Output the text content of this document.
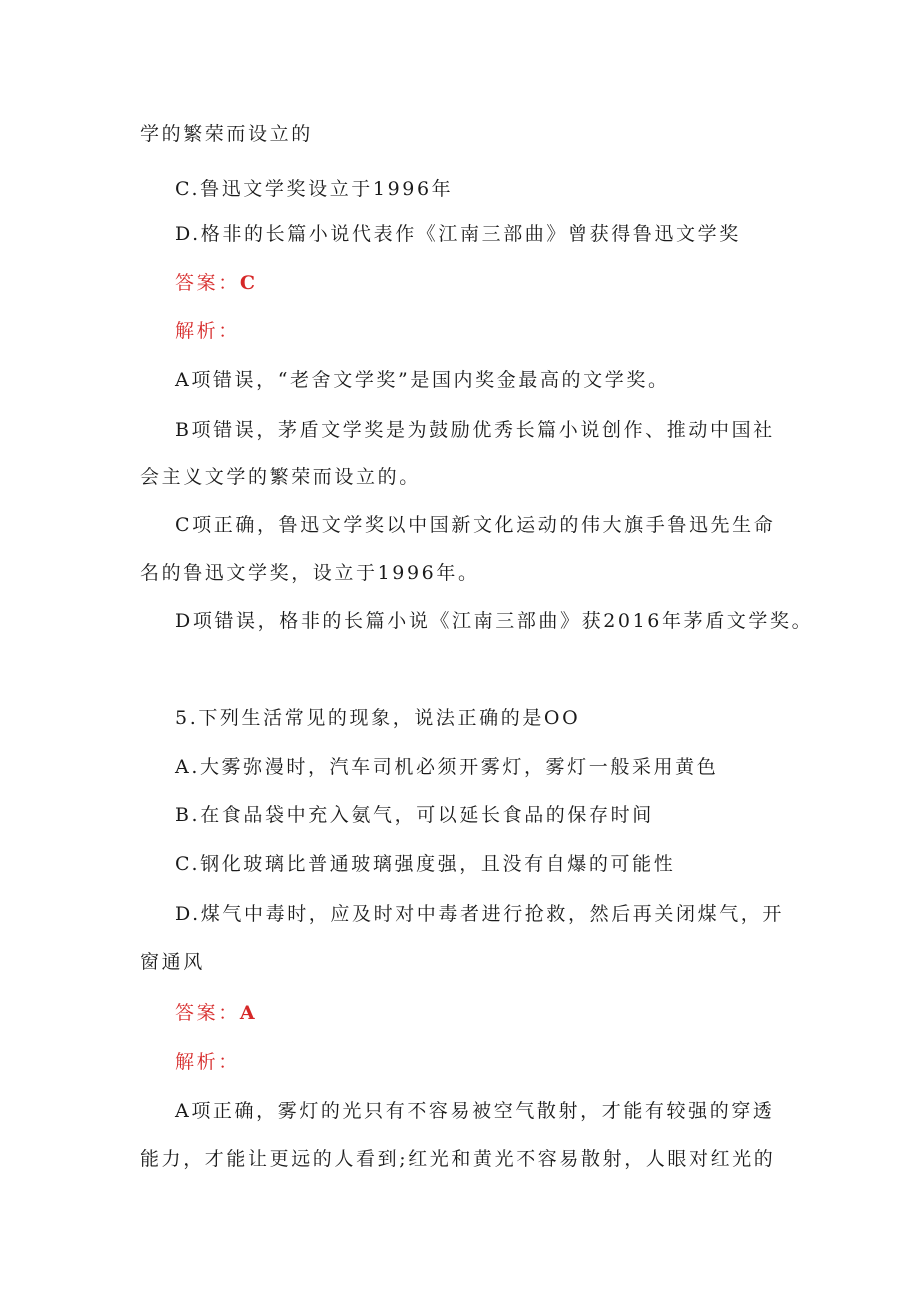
学的繁荣而设立的
C.鲁迅文学奖设立于1996年
D.格非的长篇小说代表作《江南三部曲》曾获得鲁迅文学奖
答案：C
解析：
A项错误，“老舍文学奖”是国内奖金最高的文学奖。
B项错误，茅盾文学奖是为鼓励优秀长篇小说创作、推动中国社
会主义文学的繁荣而设立的。
C项正确，鲁迅文学奖以中国新文化运动的伟大旗手鲁迅先生命
名的鲁迅文学奖，设立于1996年。
D项错误，格非的长篇小说《江南三部曲》获2016年茅盾文学奖。
5.下列生活常见的现象，说法正确的是OO
A.大雾弥漫时，汽车司机必须开雾灯，雾灯一般采用黄色
B.在食品袋中充入氨气，可以延长食品的保存时间
C.钢化玻璃比普通玻璃强度强，且没有自爆的可能性
D.煤气中毒时，应及时对中毒者进行抢救，然后再关闭煤气，开
窗通风
答案：A
解析：
A项正确，雾灯的光只有不容易被空气散射，才能有较强的穿透
能力，才能让更远的人看到;红光和黄光不容易散射，人眼对红光的
